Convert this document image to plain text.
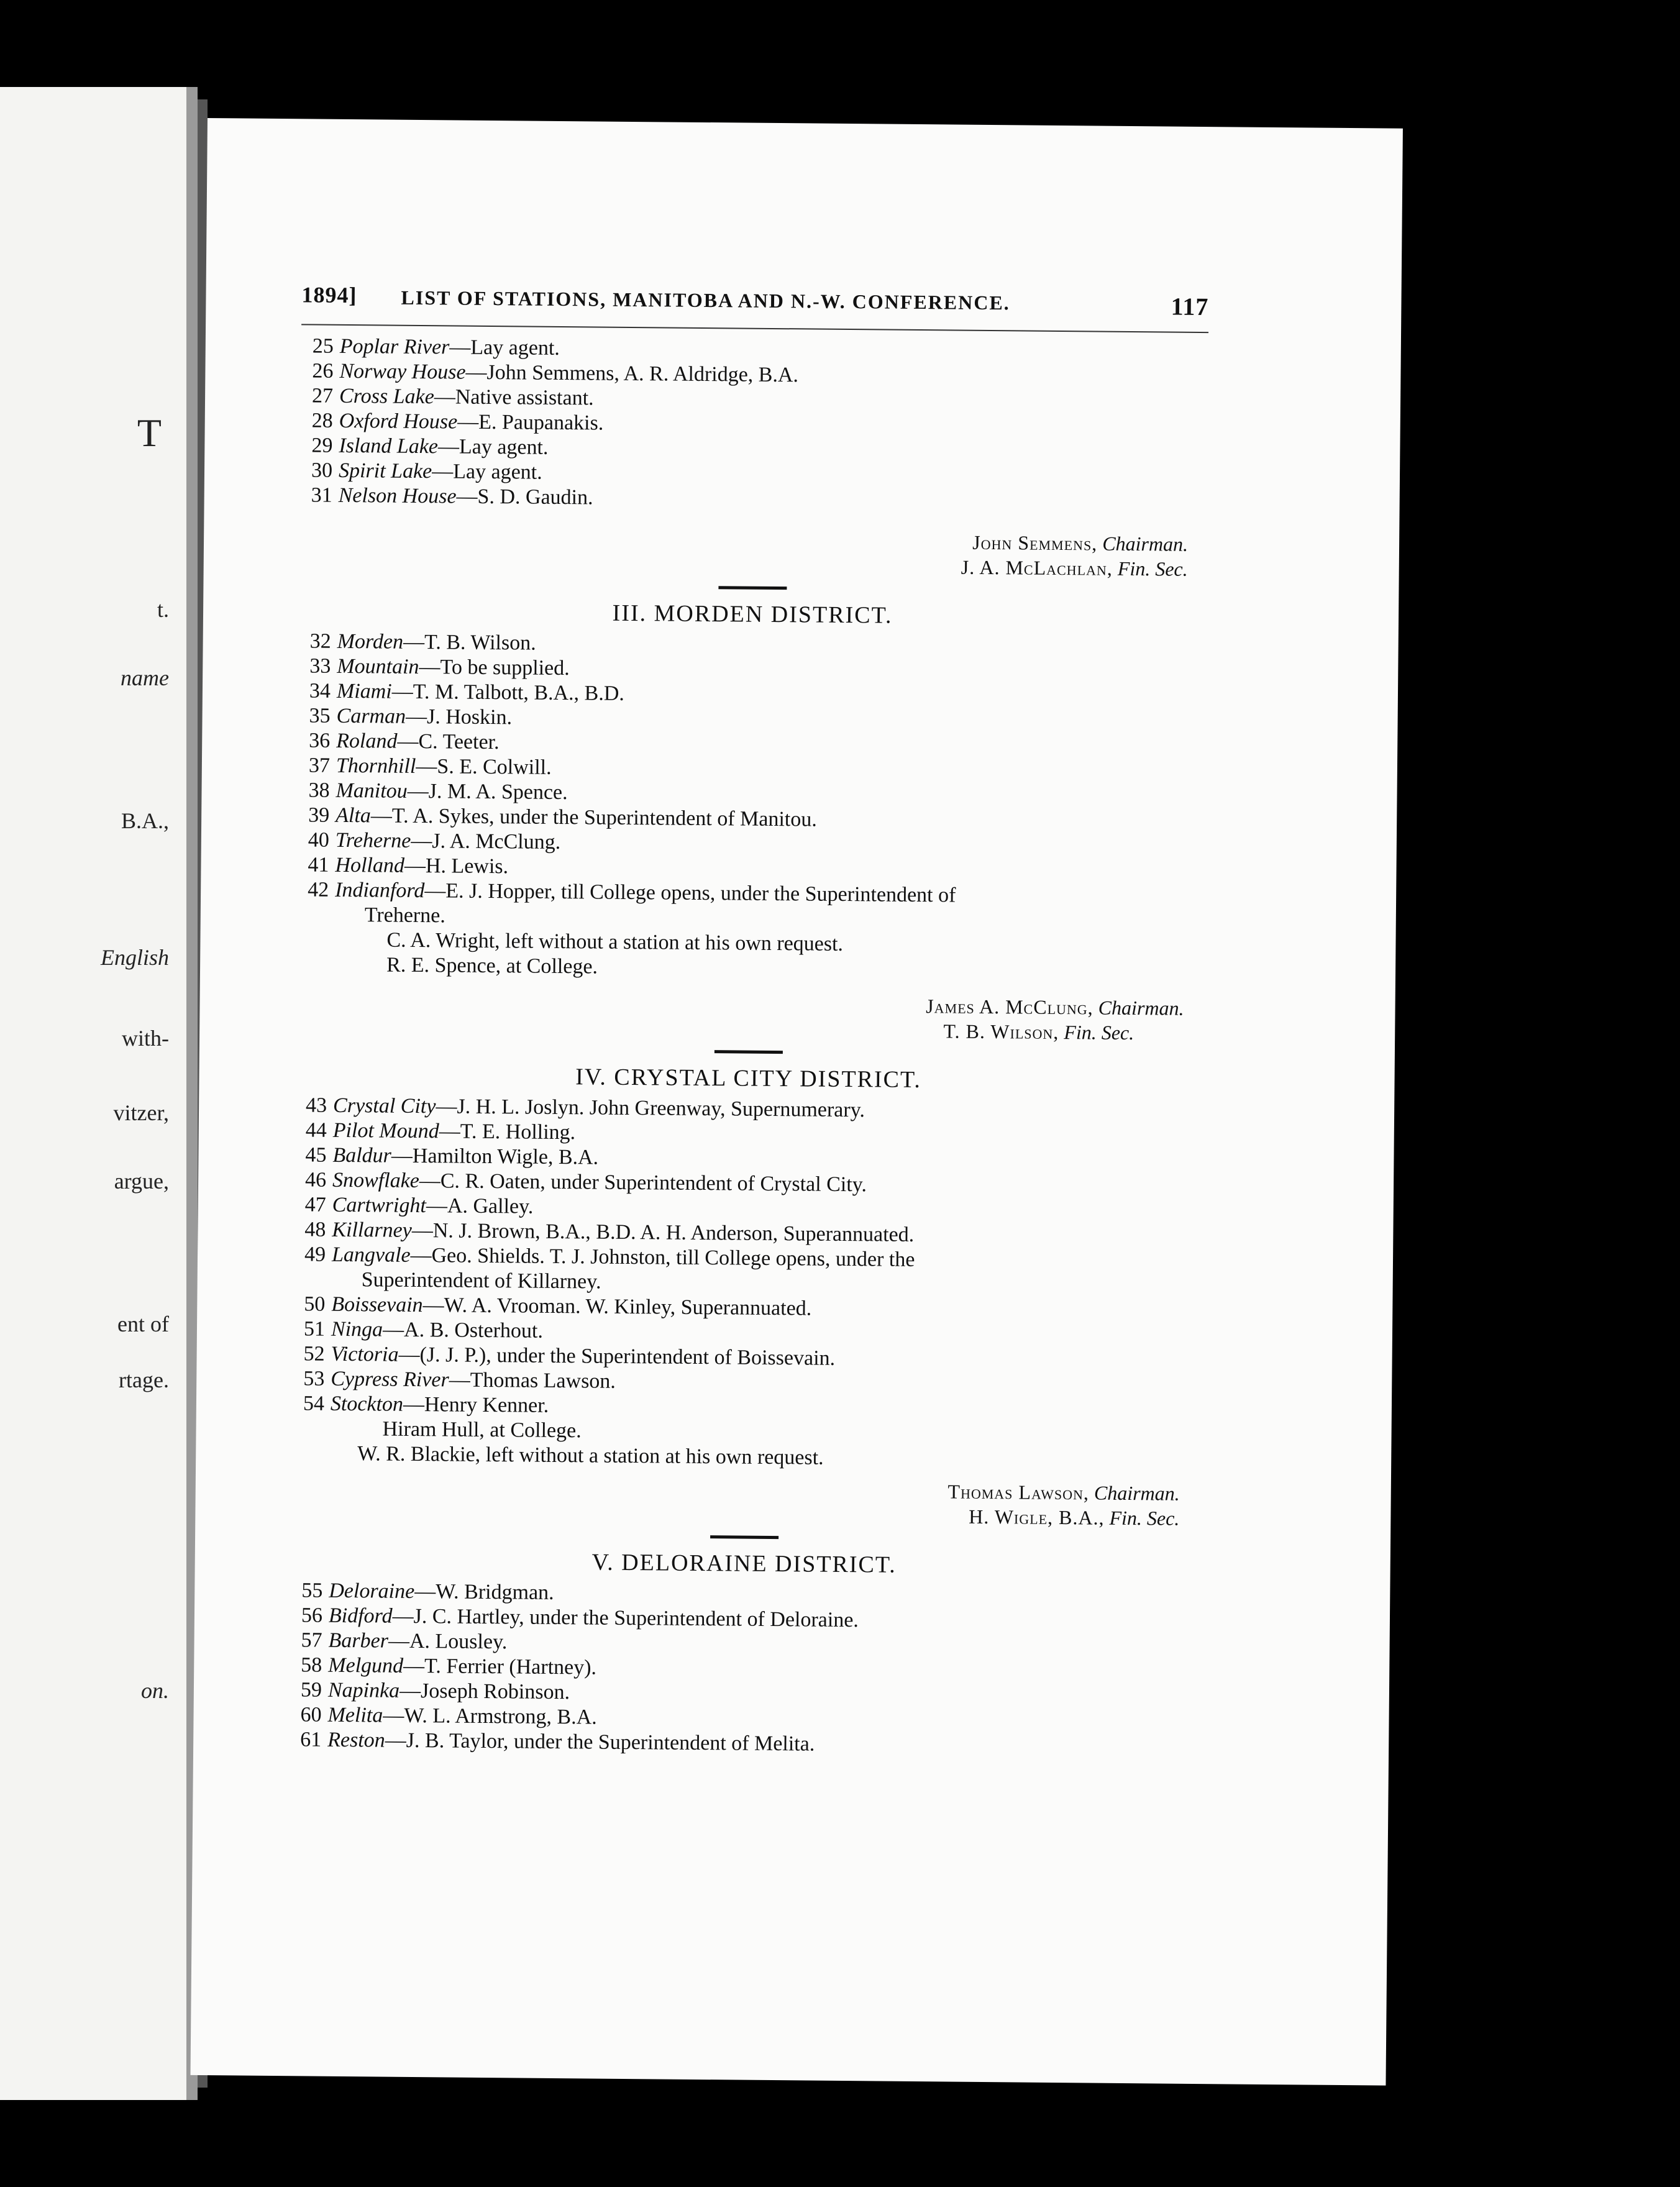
T
t.
name
B.A.,
English
with-
vitzer,
argue,
ent of
rtage.
on.
1894] LIST OF STATIONS, MANITOBA AND N.-W. CONFERENCE.	117
25 Poplar River—Lay agent.
26 Norway House—John Semmens, A. R. Aldridge, B.A.
27 Cross Lake—Native assistant.
28 Oxford House—E. Paupanakis.
29 Island Lake—Lay agent.
30 Spirit Lake—Lay agent.
31 Nelson House—S. D. Gaudin.
John Semmens, Chairman.
J. A. McLachlan, Fin. Sec.
III. MORDEN DISTRICT.
32 Morden—T. B. Wilson.
33 Mountain—To be supplied.
34 Miami—T. M. Talbott, B.A., B.D.
35 Carman—J. Hoskin.
36 Roland—C. Teeter.
37 Thornhill—S. E. Colwill.
38 Manitou—J. M. A. Spence.
39 Alta—T. A. Sykes, under the Superintendent of Manitou.
40 Treherne—J. A. McClung.
41 Holland—H. Lewis.
42 Indianford—E. J. Hopper, till College opens, under the Superintendent of
Treherne.
C. A. Wright, left without a station at his own request.
R. E. Spence, at College.
James A. McClung, Chairman.
T. B. Wilson, Fin. Sec.
IV. CRYSTAL CITY DISTRICT.
43 Crystal City—J. H. L. Joslyn. John Greenway, Supernumerary.
44 Pilot Mound—T. E. Holling.
45 Baldur—Hamilton Wigle, B.A.
46 Snowflake—C. R. Oaten, under Superintendent of Crystal City.
47 Cartwright—A. Galley.
48 Killarney—N. J. Brown, B.A., B.D. A. H. Anderson, Superannuated.
49 Langvale—Geo. Shields. T. J. Johnston, till College opens, under the
Superintendent of Killarney.
50 Boissevain—W. A. Vrooman. W. Kinley, Superannuated.
51 Ninga—A. B. Osterhout.
52 Victoria—(J. J. P.), under the Superintendent of Boissevain.
53 Cypress River—Thomas Lawson.
54 Stockton—Henry Kenner.
Hiram Hull, at College.
W. R. Blackie, left without a station at his own request.
Thomas Lawson, Chairman.
H. Wigle, B.A., Fin. Sec.
V. DELORAINE DISTRICT.
55 Deloraine—W. Bridgman.
56 Bidford—J. C. Hartley, under the Superintendent of Deloraine.
57 Barber—A. Lousley.
58 Melgund—T. Ferrier (Hartney).
59 Napinka—Joseph Robinson.
60 Melita—W. L. Armstrong, B.A.
61 Reston—J. B. Taylor, under the Superintendent of Melita.
